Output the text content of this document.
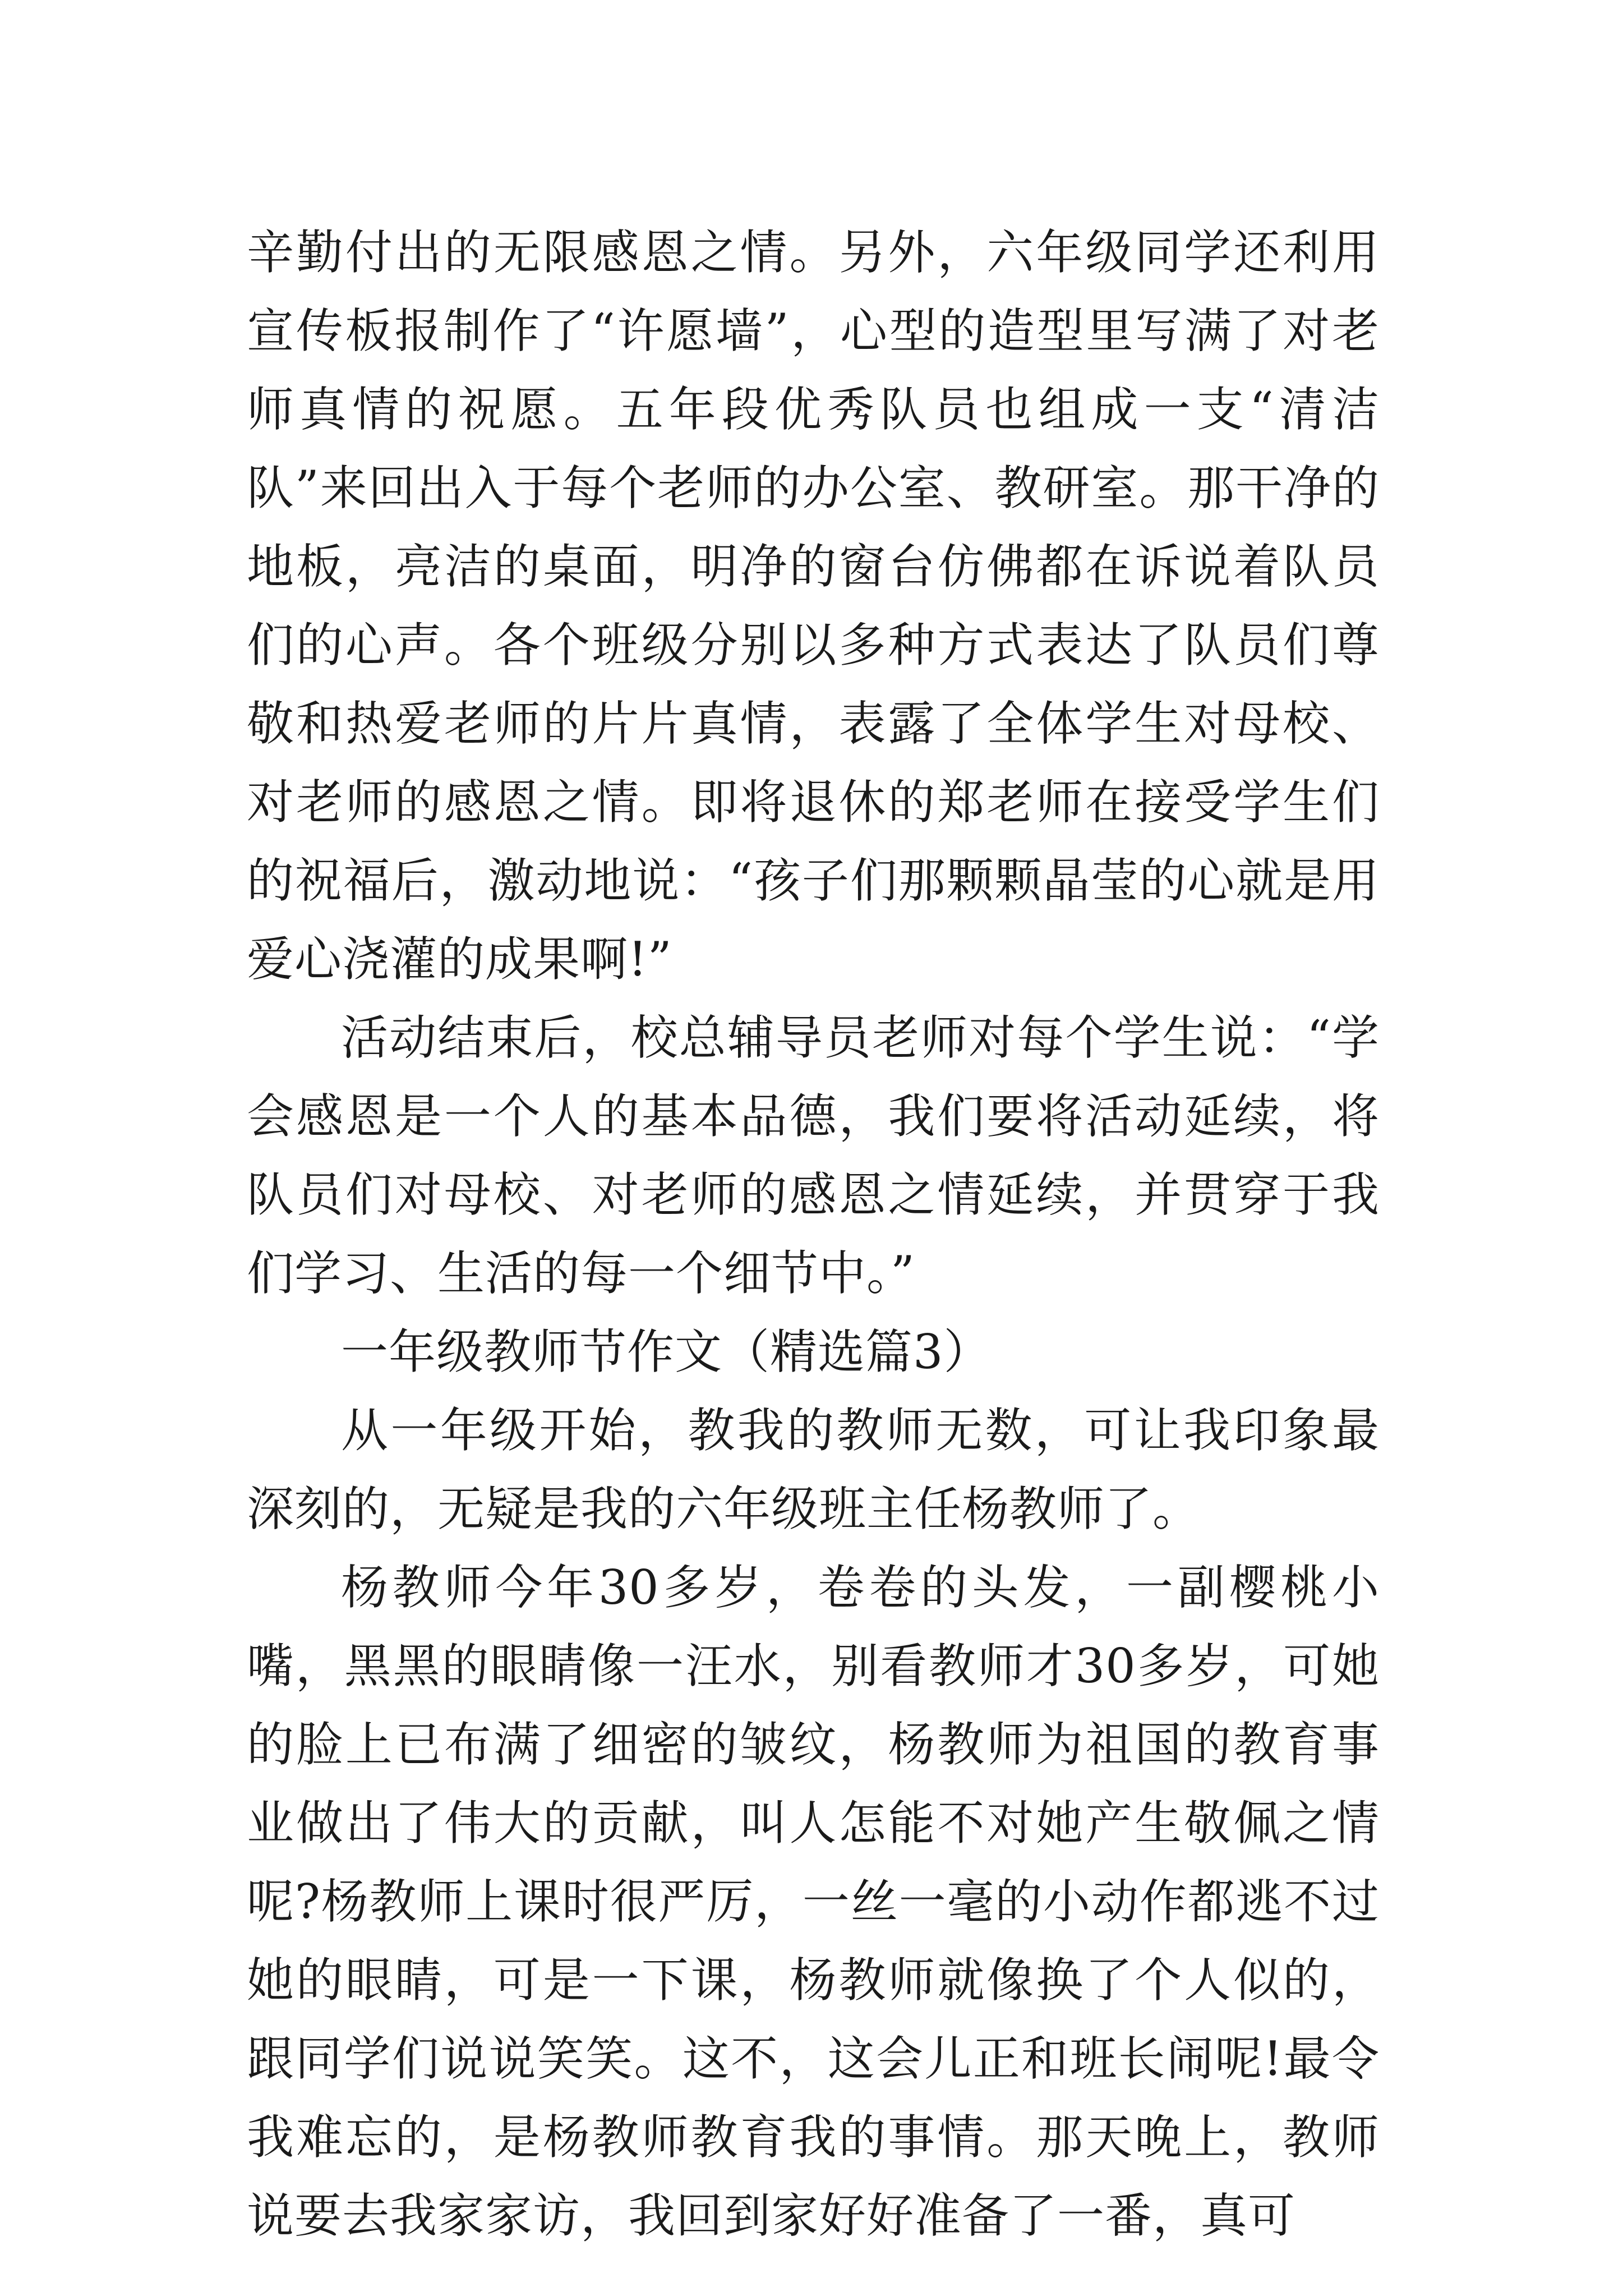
辛勤付出的无限感恩之情。另外，六年级同学还利用宣传板报制作了“许愿墙”，心型的造型里写满了对老师真情的祝愿。五年段优秀队员也组成一支“清洁队”来回出入于每个老师的办公室、教研室。那干净的地板，亮洁的桌面，明净的窗台仿佛都在诉说着队员们的心声。各个班级分别以多种方式表达了队员们尊敬和热爱老师的片片真情，表露了全体学生对母校、对老师的感恩之情。即将退休的郑老师在接受学生们的祝福后，激动地说：“孩子们那颗颗晶莹的心就是用爱心浇灌的成果啊!”

活动结束后，校总辅导员老师对每个学生说：“学会感恩是一个人的基本品德，我们要将活动延续，将队员们对母校、对老师的感恩之情延续，并贯穿于我们学习、生活的每一个细节中。”

一年级教师节作文（精选篇3）

从一年级开始，教我的教师无数，可让我印象最深刻的，无疑是我的六年级班主任杨教师了。

杨教师今年30多岁，卷卷的头发，一副樱桃小嘴，黑黑的眼睛像一汪水，别看教师才30多岁，可她的脸上已布满了细密的皱纹，杨教师为祖国的教育事业做出了伟大的贡献，叫人怎能不对她产生敬佩之情呢?杨教师上课时很严厉，一丝一毫的小动作都逃不过她的眼睛，可是一下课，杨教师就像换了个人似的，跟同学们说说笑笑。这不，这会儿正和班长闹呢!最令我难忘的，是杨教师教育我的事情。那天晚上，教师说要去我家家访，我回到家好好准备了一番，真可
